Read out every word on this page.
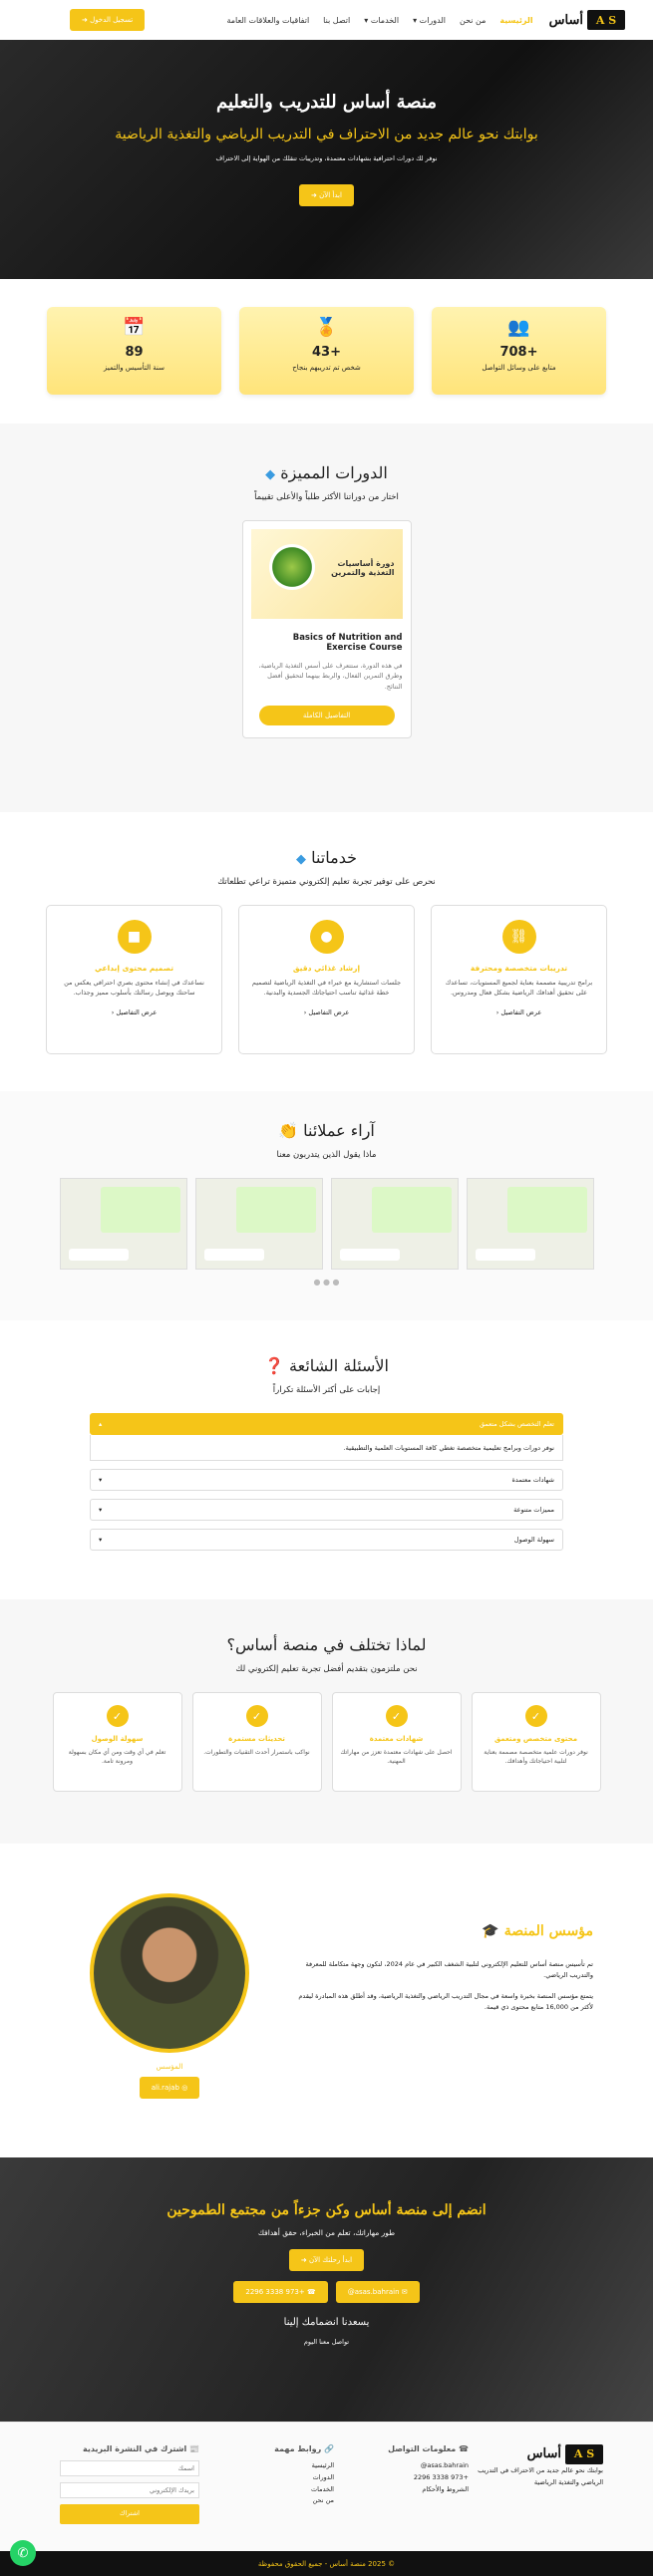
A S
أساس
الرئيسية
من نحن
الدورات ▾
الخدمات ▾
اتصل بنا
اتفاقيات والعلاقات العامة
تسجيل الدخول ➜
منصة أساس للتدريب والتعليم
بوابتك نحو عالم جديد من الاحتراف في التدريب الرياضي والتغذية الرياضية

نوفر لك دورات احترافية بشهادات معتمدة، وتدريبات تنقلك من الهواية إلى الاحتراف

ابدأ الآن ➜
👥
+708
متابع على وسائل التواصل
🏅
+43
شخص تم تدريبهم بنجاح
📅
89
سنة التأسيس والتميز
الدورات المميزة ◆
اختار من دوراتنا الأكثر طلباً والأعلى تقييماً
دورة أساسيات التغذية والتمرين
Basics of Nutrition and Exercise Course

في هذه الدورة، ستتعرف على أسس التغذية الرياضية، وطرق التمرين الفعال، والربط بينهما لتحقيق أفضل النتائج.

التفاصيل الكاملة
خدماتنا ◆
نحرص على توفير تجربة تعليم إلكتروني متميزة تراعي تطلعاتك
⛓
تدريبات متخصصة ومحترفة

برامج تدريبية مصممة بعناية لجميع المستويات، تساعدك على تحقيق أهدافك الرياضية بشكل فعال ومدروس.

عرض التفاصيل ‹
●
إرشاد غذائي دقيق

جلسات استشارية مع خبراء في التغذية الرياضية لتصميم خطة غذائية تناسب احتياجاتك الجسدية والبدنية.

عرض التفاصيل ‹
■
تصميم محتوى إبداعي

نساعدك في إنشاء محتوى بصري احترافي يعكس من ساحتك ويوصل رسالتك بأسلوب مميز وجذاب.

عرض التفاصيل ‹
آراء عملائنا 👏
ماذا يقول الذين يتدربون معنا
● ● ●
الأسئلة الشائعة ❓
إجابات على أكثر الأسئلة تكراراً
تعلم التخصص بشكل متعمق
▴
نوفر دورات وبرامج تعليمية متخصصة تغطي كافة المستويات العلمية والتطبيقية.
شهادات معتمدة
▾
مميزات متنوعة
▾
سهولة الوصول
▾
لماذا تختلف في منصة أساس؟
نحن ملتزمون بتقديم أفضل تجربة تعليم إلكتروني لك
✓
محتوى متخصص ومتعمق

نوفر دورات علمية متخصصة مصممة بعناية لتلبية احتياجاتك وأهدافك.

✓
شهادات معتمدة

احصل على شهادات معتمدة تعزز من مهاراتك المهنية.

✓
تحديثات مستمرة

نواكب باستمرار أحدث التقنيات والتطورات.

✓
سهولة الوصول

تعلم في أي وقت ومن أي مكان بسهولة ومرونة تامة.

مؤسس المنصة 🎓

تم تأسيس منصة أساس للتعليم الإلكتروني لتلبية الشغف الكبير في عام 2024، لتكون وجهة متكاملة للمعرفة والتدريب الرياضي.

يتمتع مؤسس المنصة بخبرة واسعة في مجال التدريب الرياضي والتغذية الرياضية، وقد أطلق هذه المبادرة ليقدم لأكثر من 16,000 متابع محتوى ذي قيمة.

المؤسس
◎ ali.rajab
انضم إلى منصة أساس وكن جزءاً من مجتمع الطموحين
طور مهاراتك، تعلم من الخبراء، حقق أهدافك
ابدأ رحلتك الآن ➜
✉ asas.bahrain@
☎ +973 3338 2296
يسعدنا انضمامك إلينا
تواصل معنا اليوم
A S
أساس
بوابتك نحو عالم جديد من الاحتراف في التدريب الرياضي والتغذية الرياضية
☎ معلومات التواصل
asas.bahrain@
+973 3338 2296
الشروط والأحكام
🔗 روابط مهمة
الرئيسية
الدورات
الخدمات
من نحن
📰 اشترك في النشرة البريدية
اسمك بريدك الإلكتروني
اشتراك
© 2025 منصة أساس - جميع الحقوق محفوظة
✆
